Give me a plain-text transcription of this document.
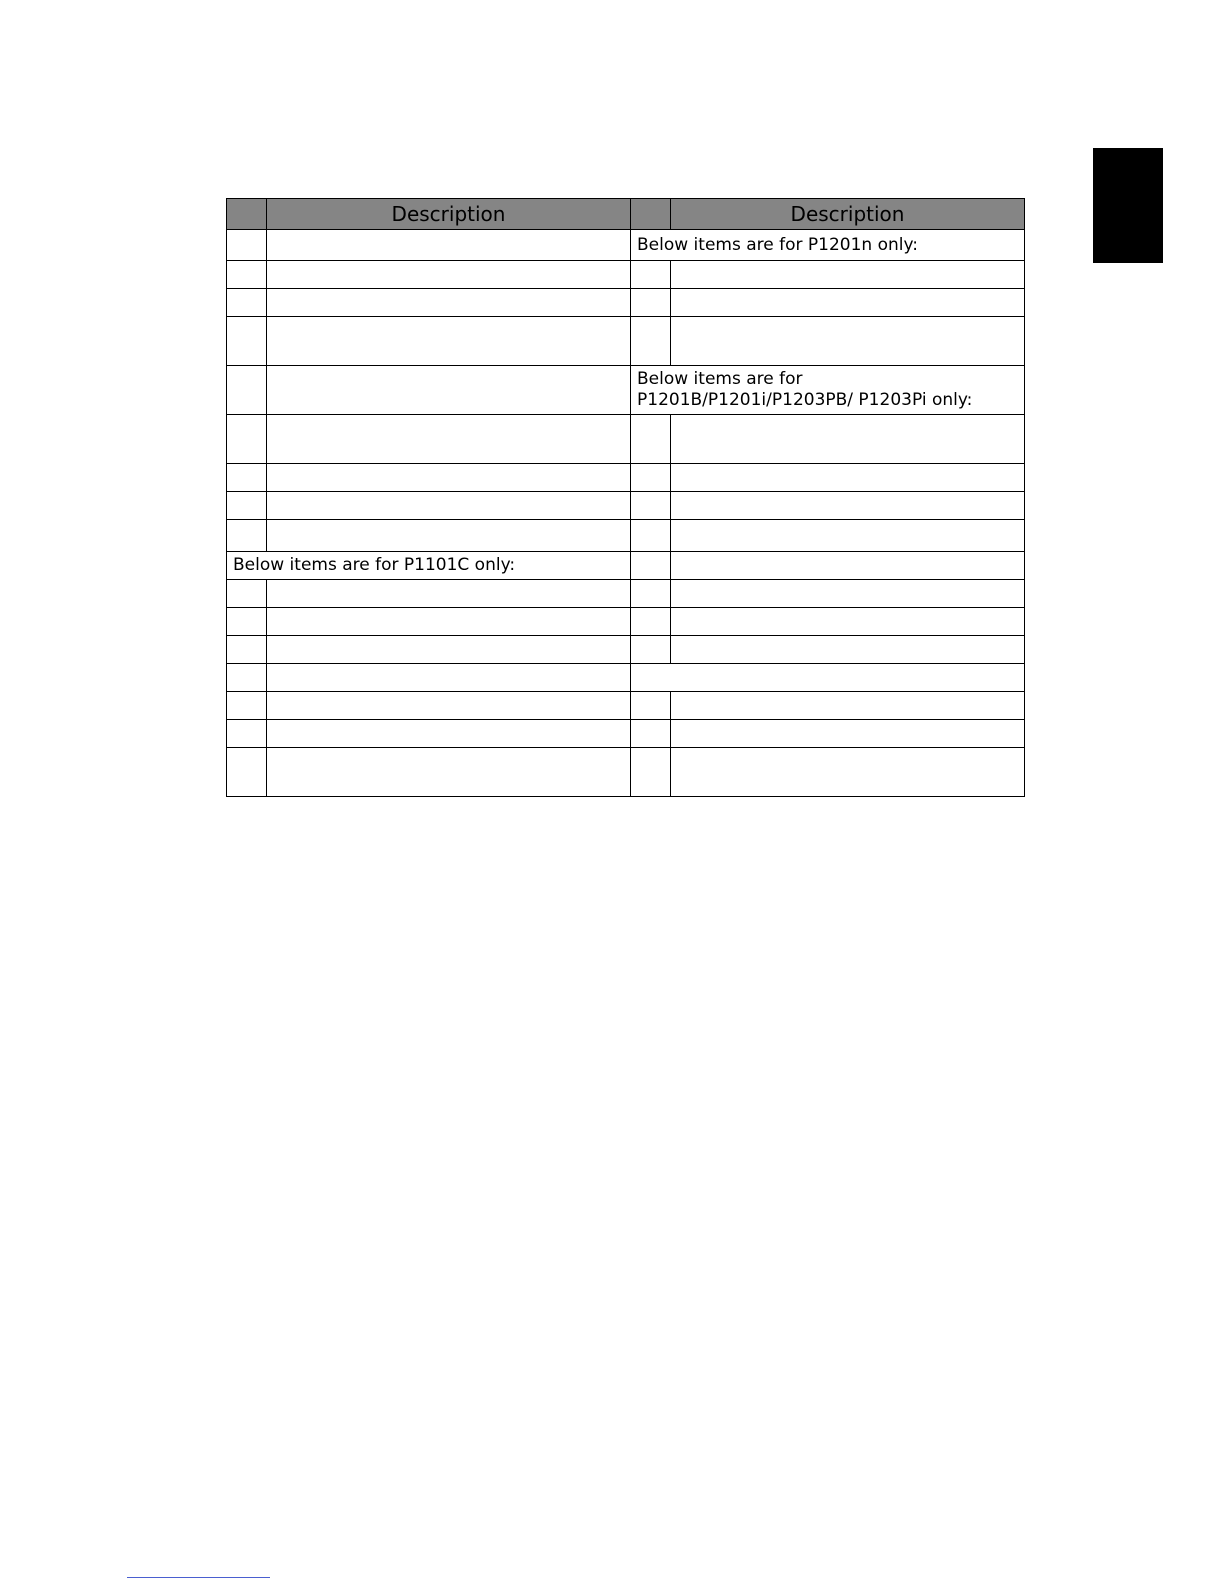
	Description		Description
		Below items are for P1201n only:	

		Below items are for P1201B/P1201i/P1203PB/ P1203Pi only:	

Below items are for P1101C only:			
